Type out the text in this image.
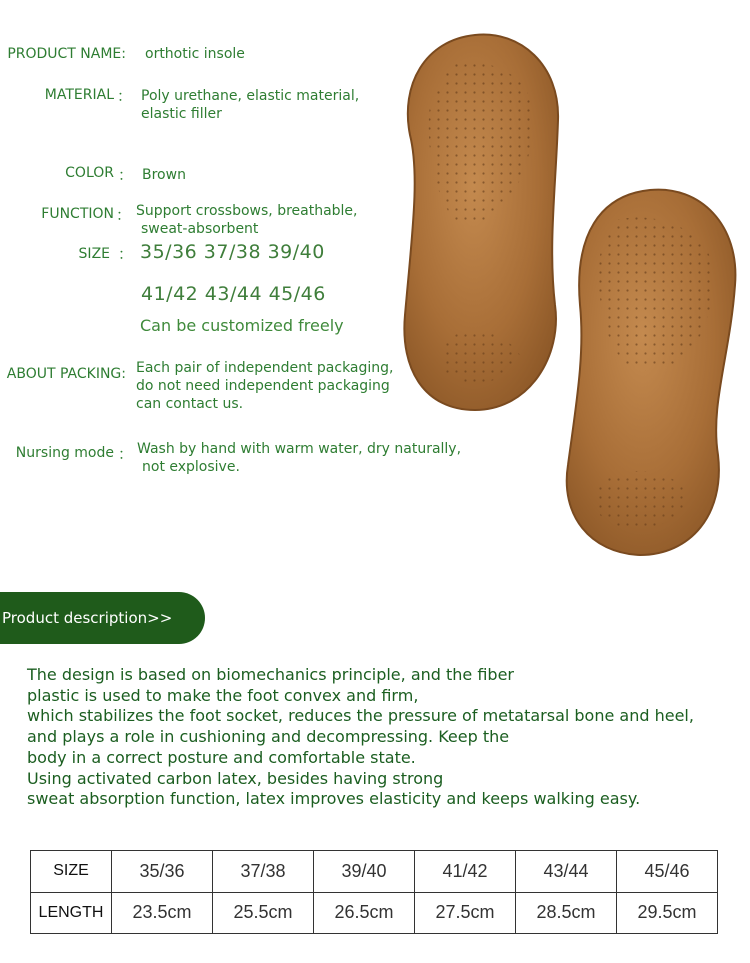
PRODUCT NAME: orthotic insole
MATERIAL ： Poly urethane, elastic material,
elastic filler
COLOR ： Brown
FUNCTION ： Support crossbows, breathable,
sweat-absorbent
SIZE ： 35/36 37/38 39/40
41/42 43/44 45/46
Can be customized freely
ABOUT PACKING: Each pair of independent packaging,
do not need independent packaging
can contact us.
Nursing mode ： Wash by hand with warm water, dry naturally,
not explosive.
Product description>>
The design is based on biomechanics principle, and the fiber
plastic is used to make the foot convex and firm,
which stabilizes the foot socket, reduces the pressure of metatarsal bone and heel,
and plays a role in cushioning and decompressing. Keep the
body in a correct posture and comfortable state.
Using activated carbon latex, besides having strong
sweat absorption function, latex improves elasticity and keeps walking easy.
SIZE	35/36	37/38	39/40	41/42	43/44	45/46
LENGTH	23.5cm	25.5cm	26.5cm	27.5cm	28.5cm	29.5cm
